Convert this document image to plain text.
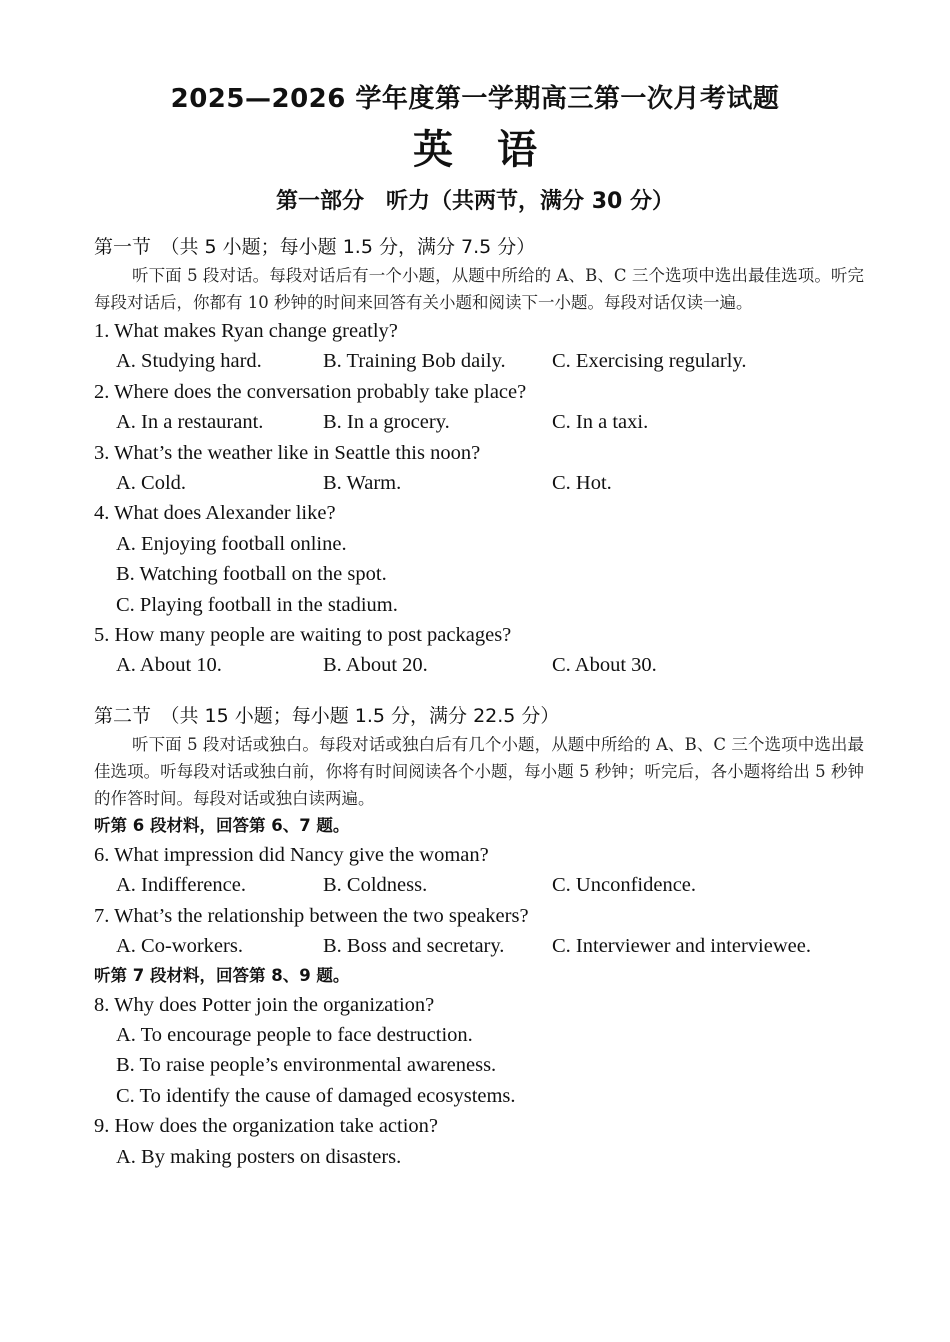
2025—2026 学年度第一学期高三第一次月考试题
英 语
第一部分　听力（共两节，满分 30 分）
第一节　（共 5 小题；每小题 1.5 分，满分 7.5 分）
听下面 5 段对话。每段对话后有一个小题，从题中所给的 A、B、C 三个选项中选出最佳选项。听完每段对话后，你都有 10 秒钟的时间来回答有关小题和阅读下一小题。每段对话仅读一遍。
1. What makes Ryan change greatly?
A. Studying hard.	B. Training Bob daily.	C. Exercising regularly.
2. Where does the conversation probably take place?
A. In a restaurant.	B. In a grocery.	C. In a taxi.
3. What’s the weather like in Seattle this noon?
A. Cold.	B. Warm.	C. Hot.
4. What does Alexander like?
A. Enjoying football online.
B. Watching football on the spot.
C. Playing football in the stadium.
5. How many people are waiting to post packages?
A. About 10.	B. About 20.	C. About 30.
第二节　（共 15 小题；每小题 1.5 分，满分 22.5 分）
听下面 5 段对话或独白。每段对话或独白后有几个小题，从题中所给的 A、B、C 三个选项中选出最佳选项。听每段对话或独白前，你将有时间阅读各个小题，每小题 5 秒钟；听完后，各小题将给出 5 秒钟的作答时间。每段对话或独白读两遍。
听第 6 段材料，回答第 6、7 题。
6. What impression did Nancy give the woman?
A. Indifference.	B. Coldness.	C. Unconfidence.
7. What’s the relationship between the two speakers?
A. Co-workers.	B. Boss and secretary.	C. Interviewer and interviewee.
听第 7 段材料，回答第 8、9 题。
8. Why does Potter join the organization?
A. To encourage people to face destruction.
B. To raise people’s environmental awareness.
C. To identify the cause of damaged ecosystems.
9. How does the organization take action?
A. By making posters on disasters.
